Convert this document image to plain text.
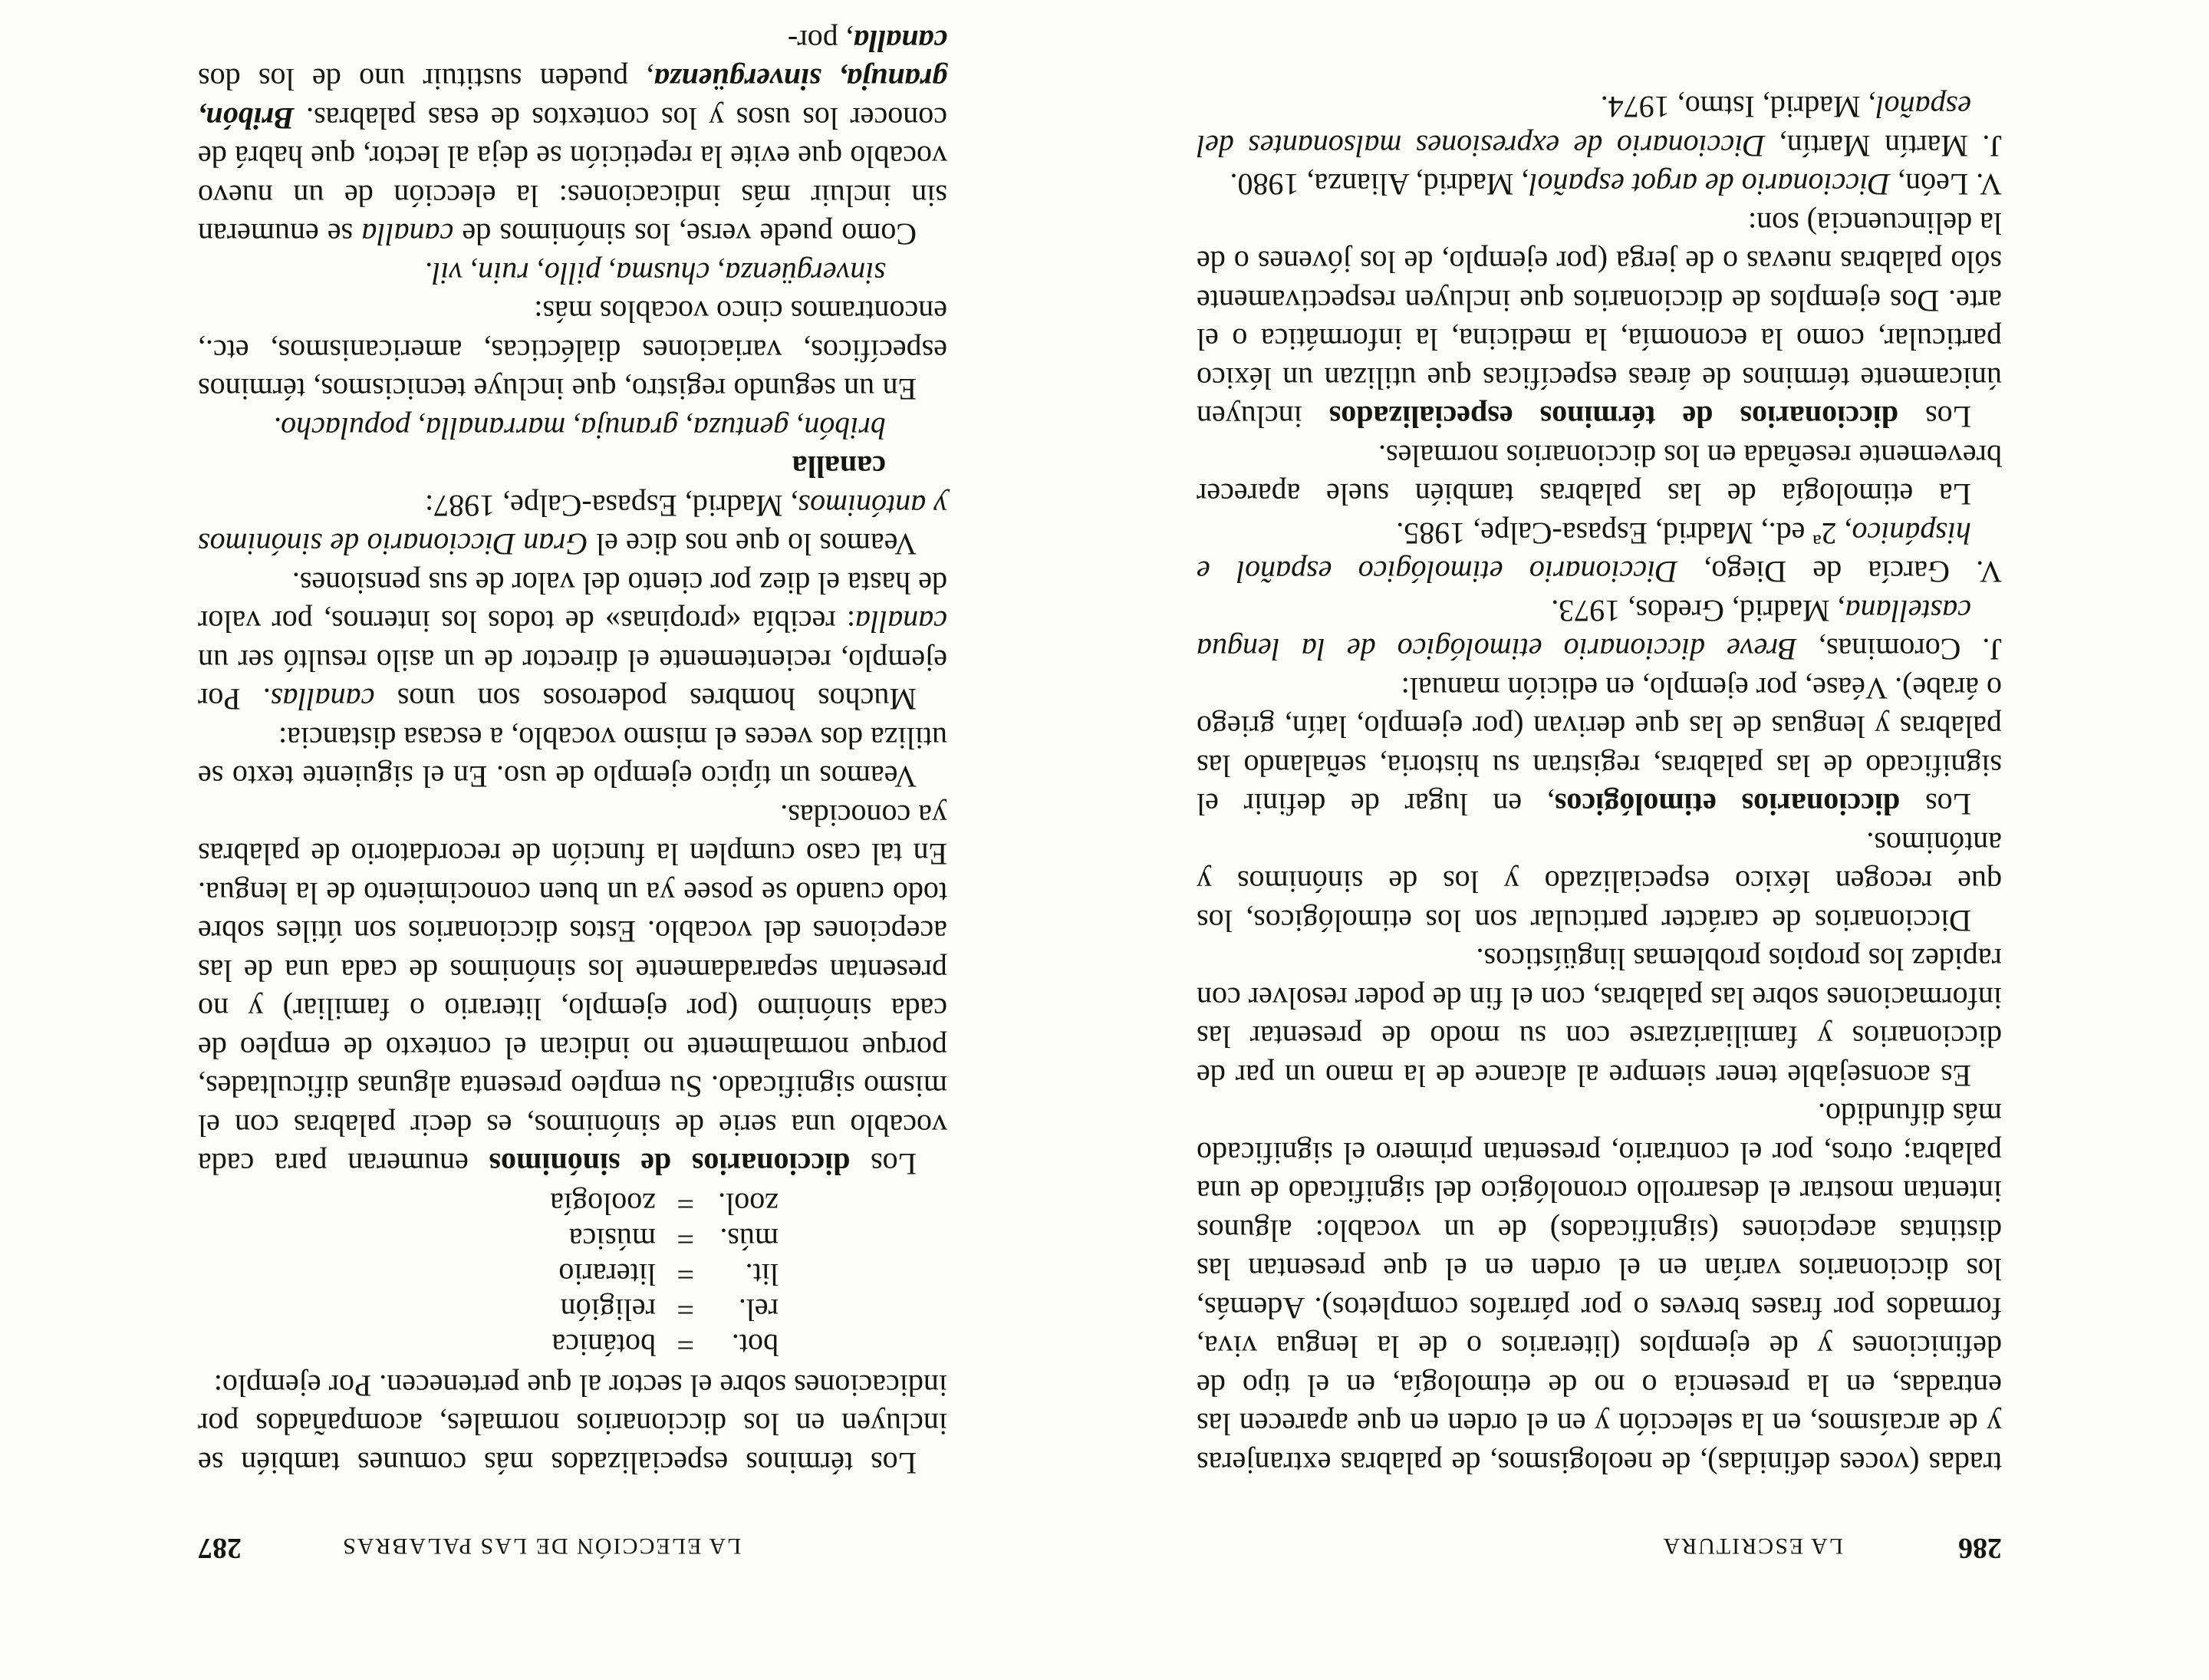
286
LA ESCRITURA

tradas (voces definidas), de neologismos, de palabras extranjeras y de arcaísmos, en la selección y en el orden en que aparecen las entradas, en la presencia o no de etimología, en el tipo de definiciones y de ejemplos (literarios o de la lengua viva, formados por frases breves o por párrafos completos). Además, los diccionarios varían en el orden en el que presentan las distintas acepciones (significados) de un vocablo: algunos intentan mostrar el desarrollo cronológico del significado de una palabra; otros, por el contrario, presentan primero el significado más difundido.

Es aconsejable tener siempre al alcance de la mano un par de diccionarios y familiarizarse con su modo de presentar las informaciones sobre las palabras, con el fin de poder resolver con rapidez los propios problemas lingüísticos.

Diccionarios de carácter particular son los etimológicos, los que recogen léxico especializado y los de sinónimos y antónimos.

Los diccionarios etimológicos, en lugar de definir el significado de las palabras, registran su historia, señalando las palabras y lenguas de las que derivan (por ejemplo, latín, griego o árabe). Véase, por ejemplo, en edición manual:

J. Corominas, Breve diccionario etimológico de la lengua castellana, Madrid, Gredos, 1973.

V. García de Diego, Diccionario etimológico español e hispánico, 2ª ed., Madrid, Espasa-Calpe, 1985.

La etimología de las palabras también suele aparecer brevemente reseñada en los diccionarios normales.

Los diccionarios de términos especializados incluyen únicamente términos de áreas específicas que utilizan un léxico particular, como la economía, la medicina, la informática o el arte. Dos ejemplos de diccionarios que incluyen respectivamente sólo palabras nuevas o de jerga (por ejemplo, de los jóvenes o de la delincuencia) son:

V. León, Diccionario de argot español, Madrid, Alianza, 1980.

J. Martín Martín, Diccionario de expresiones malsonantes del español, Madrid, Istmo, 1974.

LA ELECCIÓN DE LAS PALABRAS
287

Los términos especializados más comunes también se incluyen en los diccionarios normales, acompañados por indicaciones sobre el sector al que pertenecen. Por ejemplo:

bot.
=
botánica
rel.
=
religión
lit.
=
literario
mús.
=
música
zool.
=
zoología

Los diccionarios de sinónimos enumeran para cada vocablo una serie de sinónimos, es decir palabras con el mismo significado. Su empleo presenta algunas dificultades, porque normalmente no indican el contexto de empleo de cada sinónimo (por ejemplo, literario o familiar) y no presentan separadamente los sinónimos de cada una de las acepciones del vocablo. Estos diccionarios son útiles sobre todo cuando se posee ya un buen conocimiento de la lengua. En tal caso cumplen la función de recordatorio de palabras ya conocidas.

Veamos un típico ejemplo de uso. En el siguiente texto se utiliza dos veces el mismo vocablo, a escasa distancia:

Muchos hombres poderosos son unos canallas. Por ejemplo, recientemente el director de un asilo resultó ser un canalla: recibía «propinas» de todos los internos, por valor de hasta el diez por ciento del valor de sus pensiones.

Veamos lo que nos dice el Gran Diccionario de sinónimos y antónimos, Madrid, Espasa-Calpe, 1987:

canalla
bribón, gentuza, granuja, marranalla, populacho.

En un segundo registro, que incluye tecnicismos, términos específicos, variaciones dialécticas, americanismos, etc., encontramos cinco vocablos más:

sinvergüenza, chusma, pillo, ruin, vil.

Como puede verse, los sinónimos de canalla se enumeran sin incluir más indicaciones: la elección de un nuevo vocablo que evite la repetición se deja al lector, que habrá de conocer los usos y los contextos de esas palabras. Bribón, granuja, sinvergüenza, pueden sustituir uno de los dos canalla, por-
